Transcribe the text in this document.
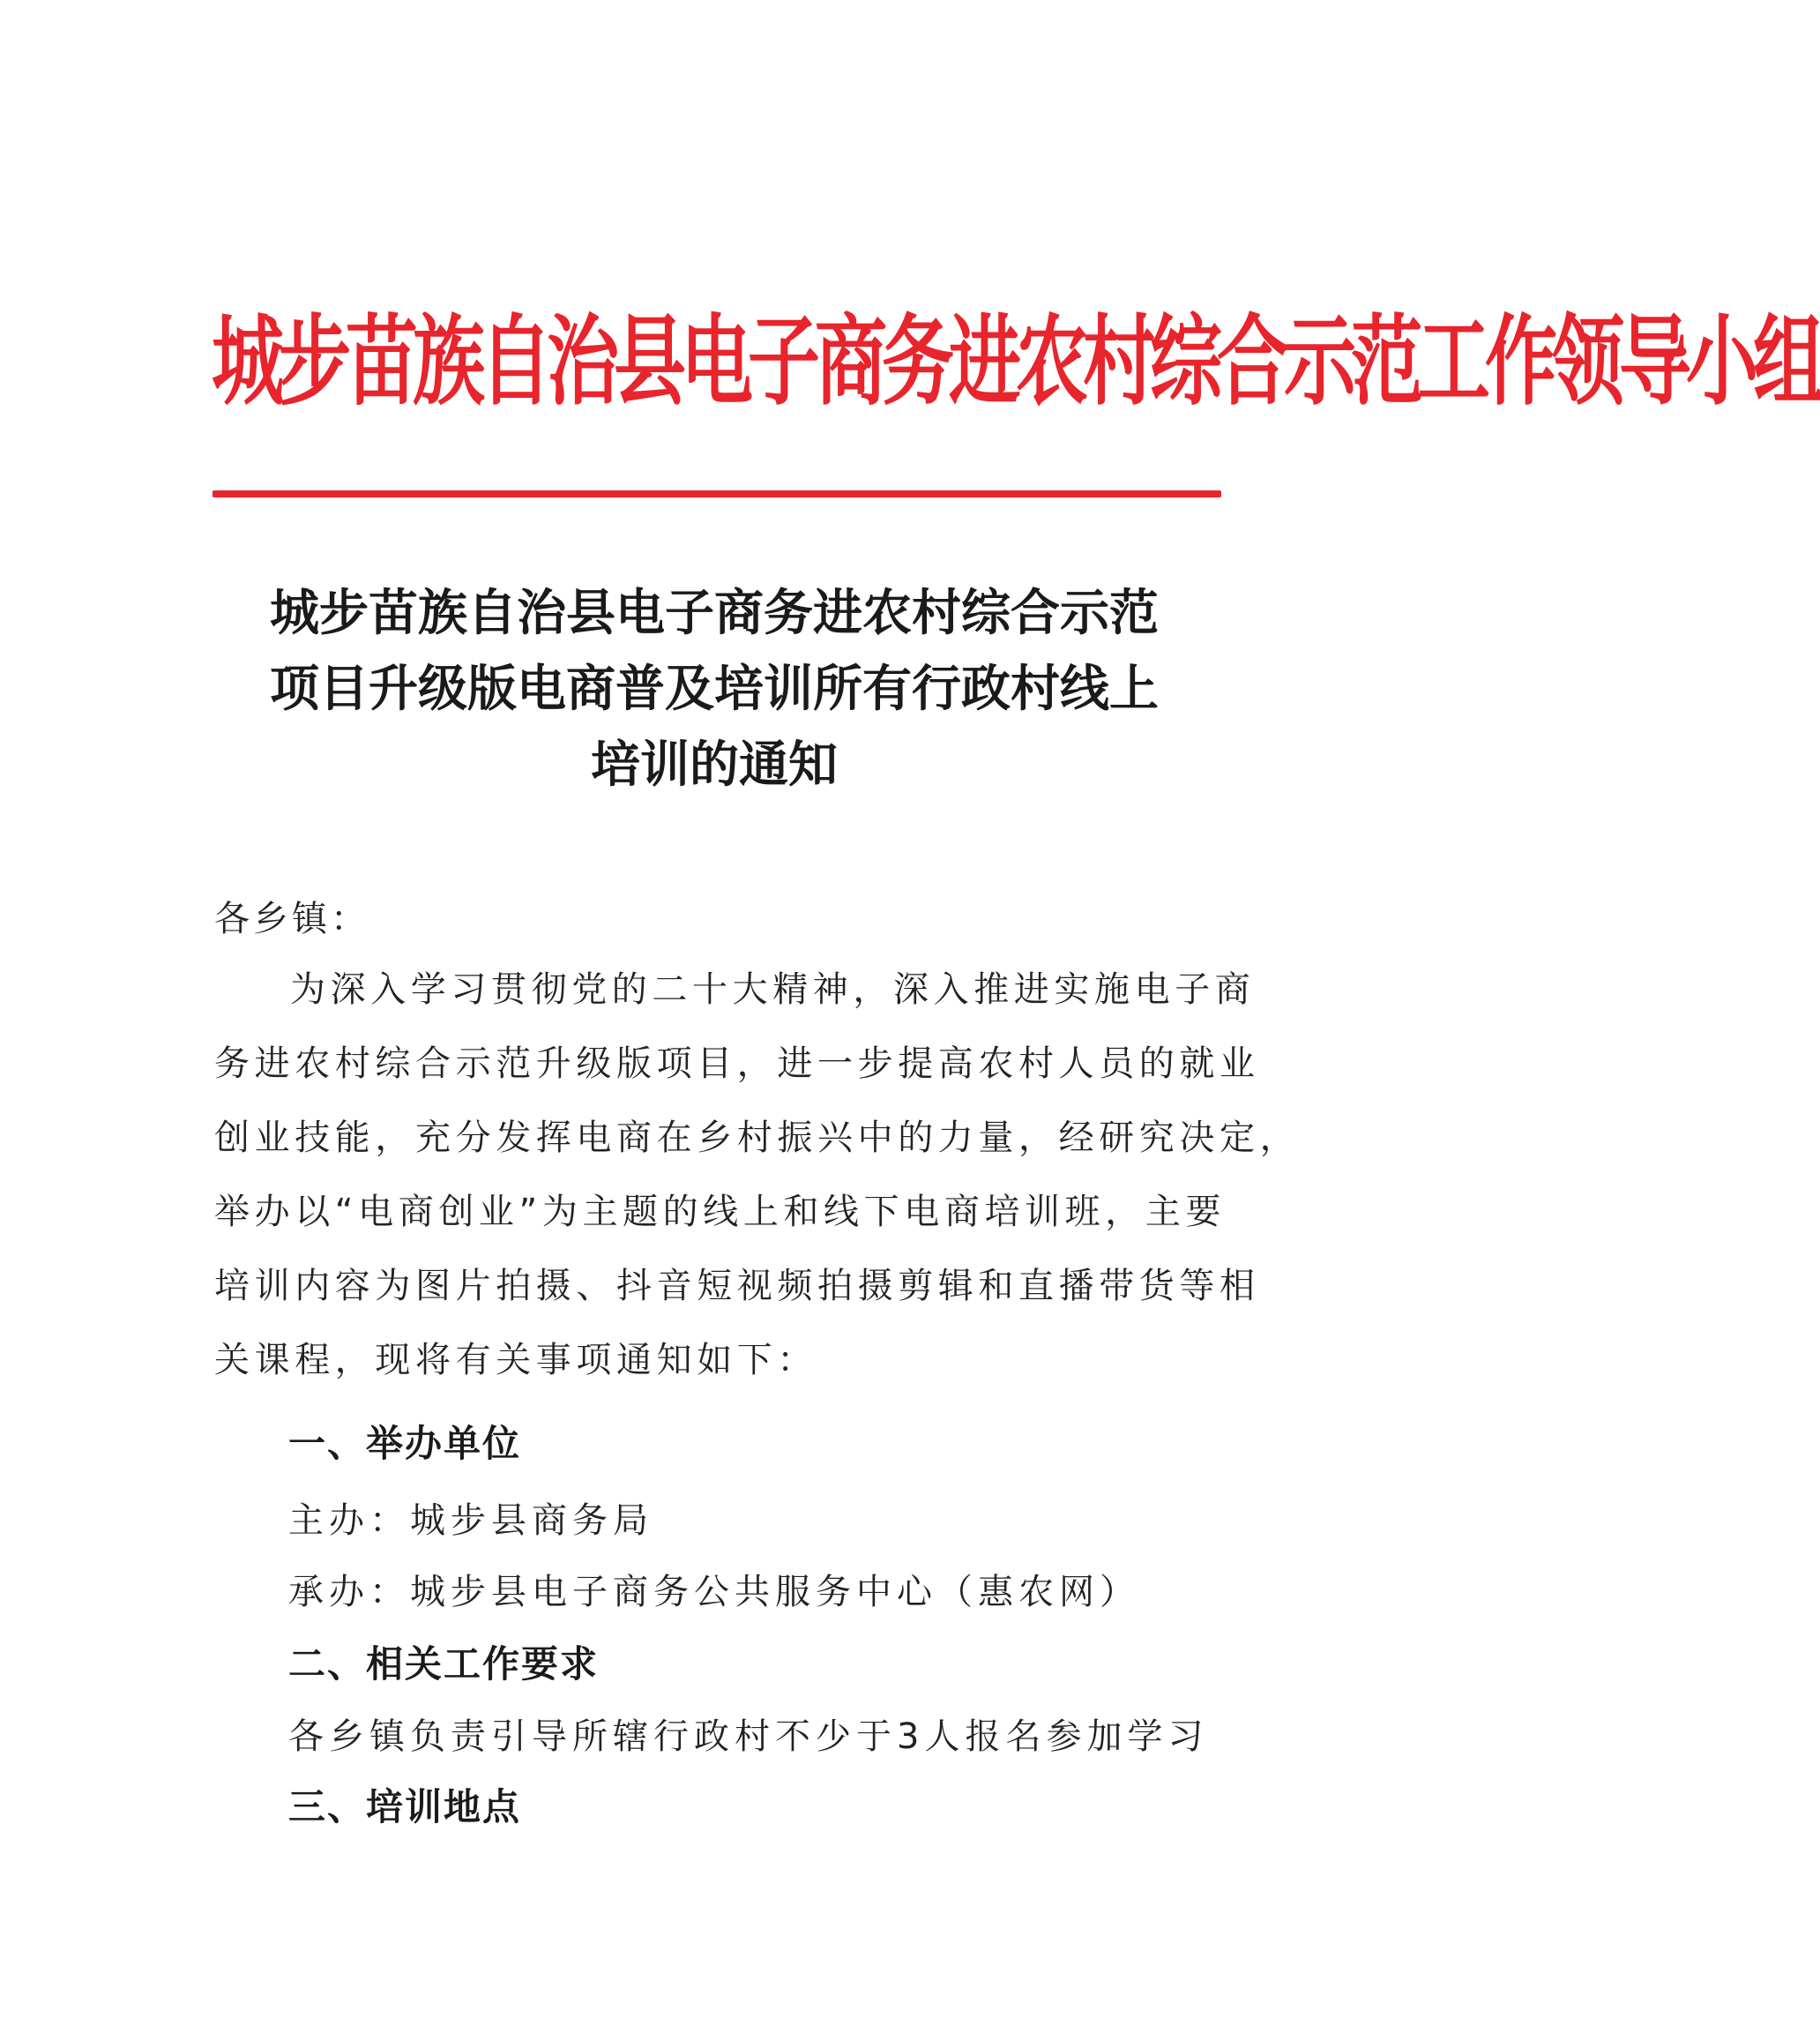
城步苗族自治县电子商务进农村综合示范工作领导小组
城步苗族自治县电子商务进农村综合示范
项目升级版电商普及培训所有行政村线上
培训的通知
各乡镇：
为深入学习贯彻党的二十大精神，深入推进实施电子商
务进农村综合示范升级版项目，进一步提高农村人员的就业
创业技能，充分发挥电商在乡村振兴中的力量，经研究决定，
举办以“电商创业”为主题的线上和线下电商培训班，主要
培训内容为图片拍摄、抖音短视频拍摄剪辑和直播带货等相
关课程，现将有关事项通知如下：
一、举办单位
主办：城步县商务局
承办：城步县电子商务公共服务中心（惠农网）
二、相关工作要求
各乡镇负责引导所辖行政村不少于3人报名参加学习
三、培训地点
